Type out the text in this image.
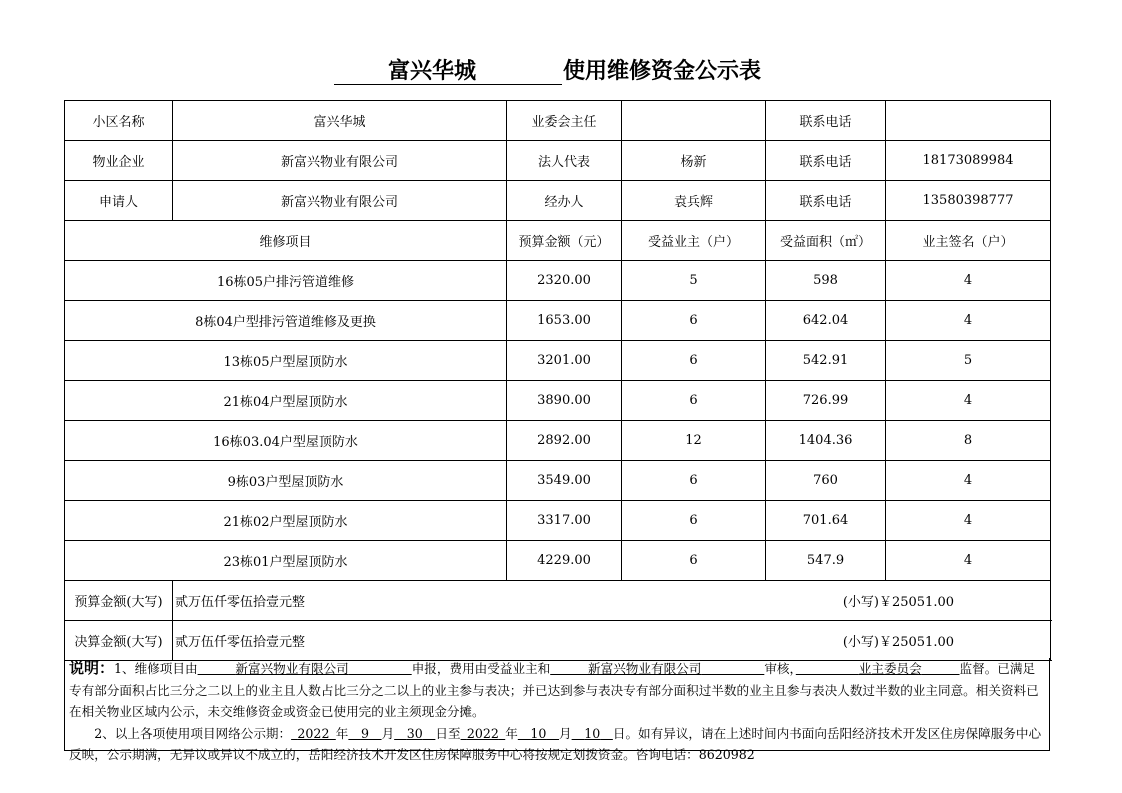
富兴华城	使用维修资金公示表
小区名称	富兴华城	业委会主任		联系电话		
物业企业	新富兴物业有限公司	法人代表	杨新	联系电话	18173089984	
申请人	新富兴物业有限公司	经办人	袁兵辉	联系电话	13580398777	
维修项目		预算金额（元）	受益业主（户）	受益面积（㎡）	业主签名（户）	
16栋05户排污管道维修		2320.00	5	598	4	
8栋04户型排污管道维修及更换		1653.00	6	642.04	4	
13栋05户型屋顶防水		3201.00	6	542.91	5	
21栋04户型屋顶防水		3890.00	6	726.99	4	
16栋03.04户型屋顶防水		2892.00	12	1404.36	8	
9栋03户型屋顶防水		3549.00	6	760	4	
21栋02户型屋顶防水		3317.00	6	701.64	4	
23栋01户型屋顶防水		4229.00	6	547.9	4	
预算金额(大写)	贰万伍仟零伍拾壹元整			(小写)￥25051.00		
决算金额(大写)	贰万伍仟零伍拾壹元整			(小写)￥25051.00		

说明：1、维修项目由　　　	新富兴物业有限公司　　　　　	申报，费用由受益业主和　　　	新富兴物业有限公司　　　　　	审核，　　　　　	业主委员会　　　	监督。已满足专有部分面积占比三分之二以上的业主且人数占比三分之二以上的业主参与表决；并已达到参与表决专有部分面积过半数的业主且参与表决人数过半数的业主同意。相关资料已在相关物业区域内公示，未交维修资金或资金已使用完的业主须现金分摊。

　　2、以上各项使用项目网络公示期：  2022  年   9   月   30   日至  2022  年   10   月   10   日。如有异议，请在上述时间内书面向岳阳经济技术开发区住房保障服务中心反映，公示期满，无异议或异议不成立的，岳阳经济技术开发区住房保障服务中心将按规定划拨资金。咨询电话：8620982
